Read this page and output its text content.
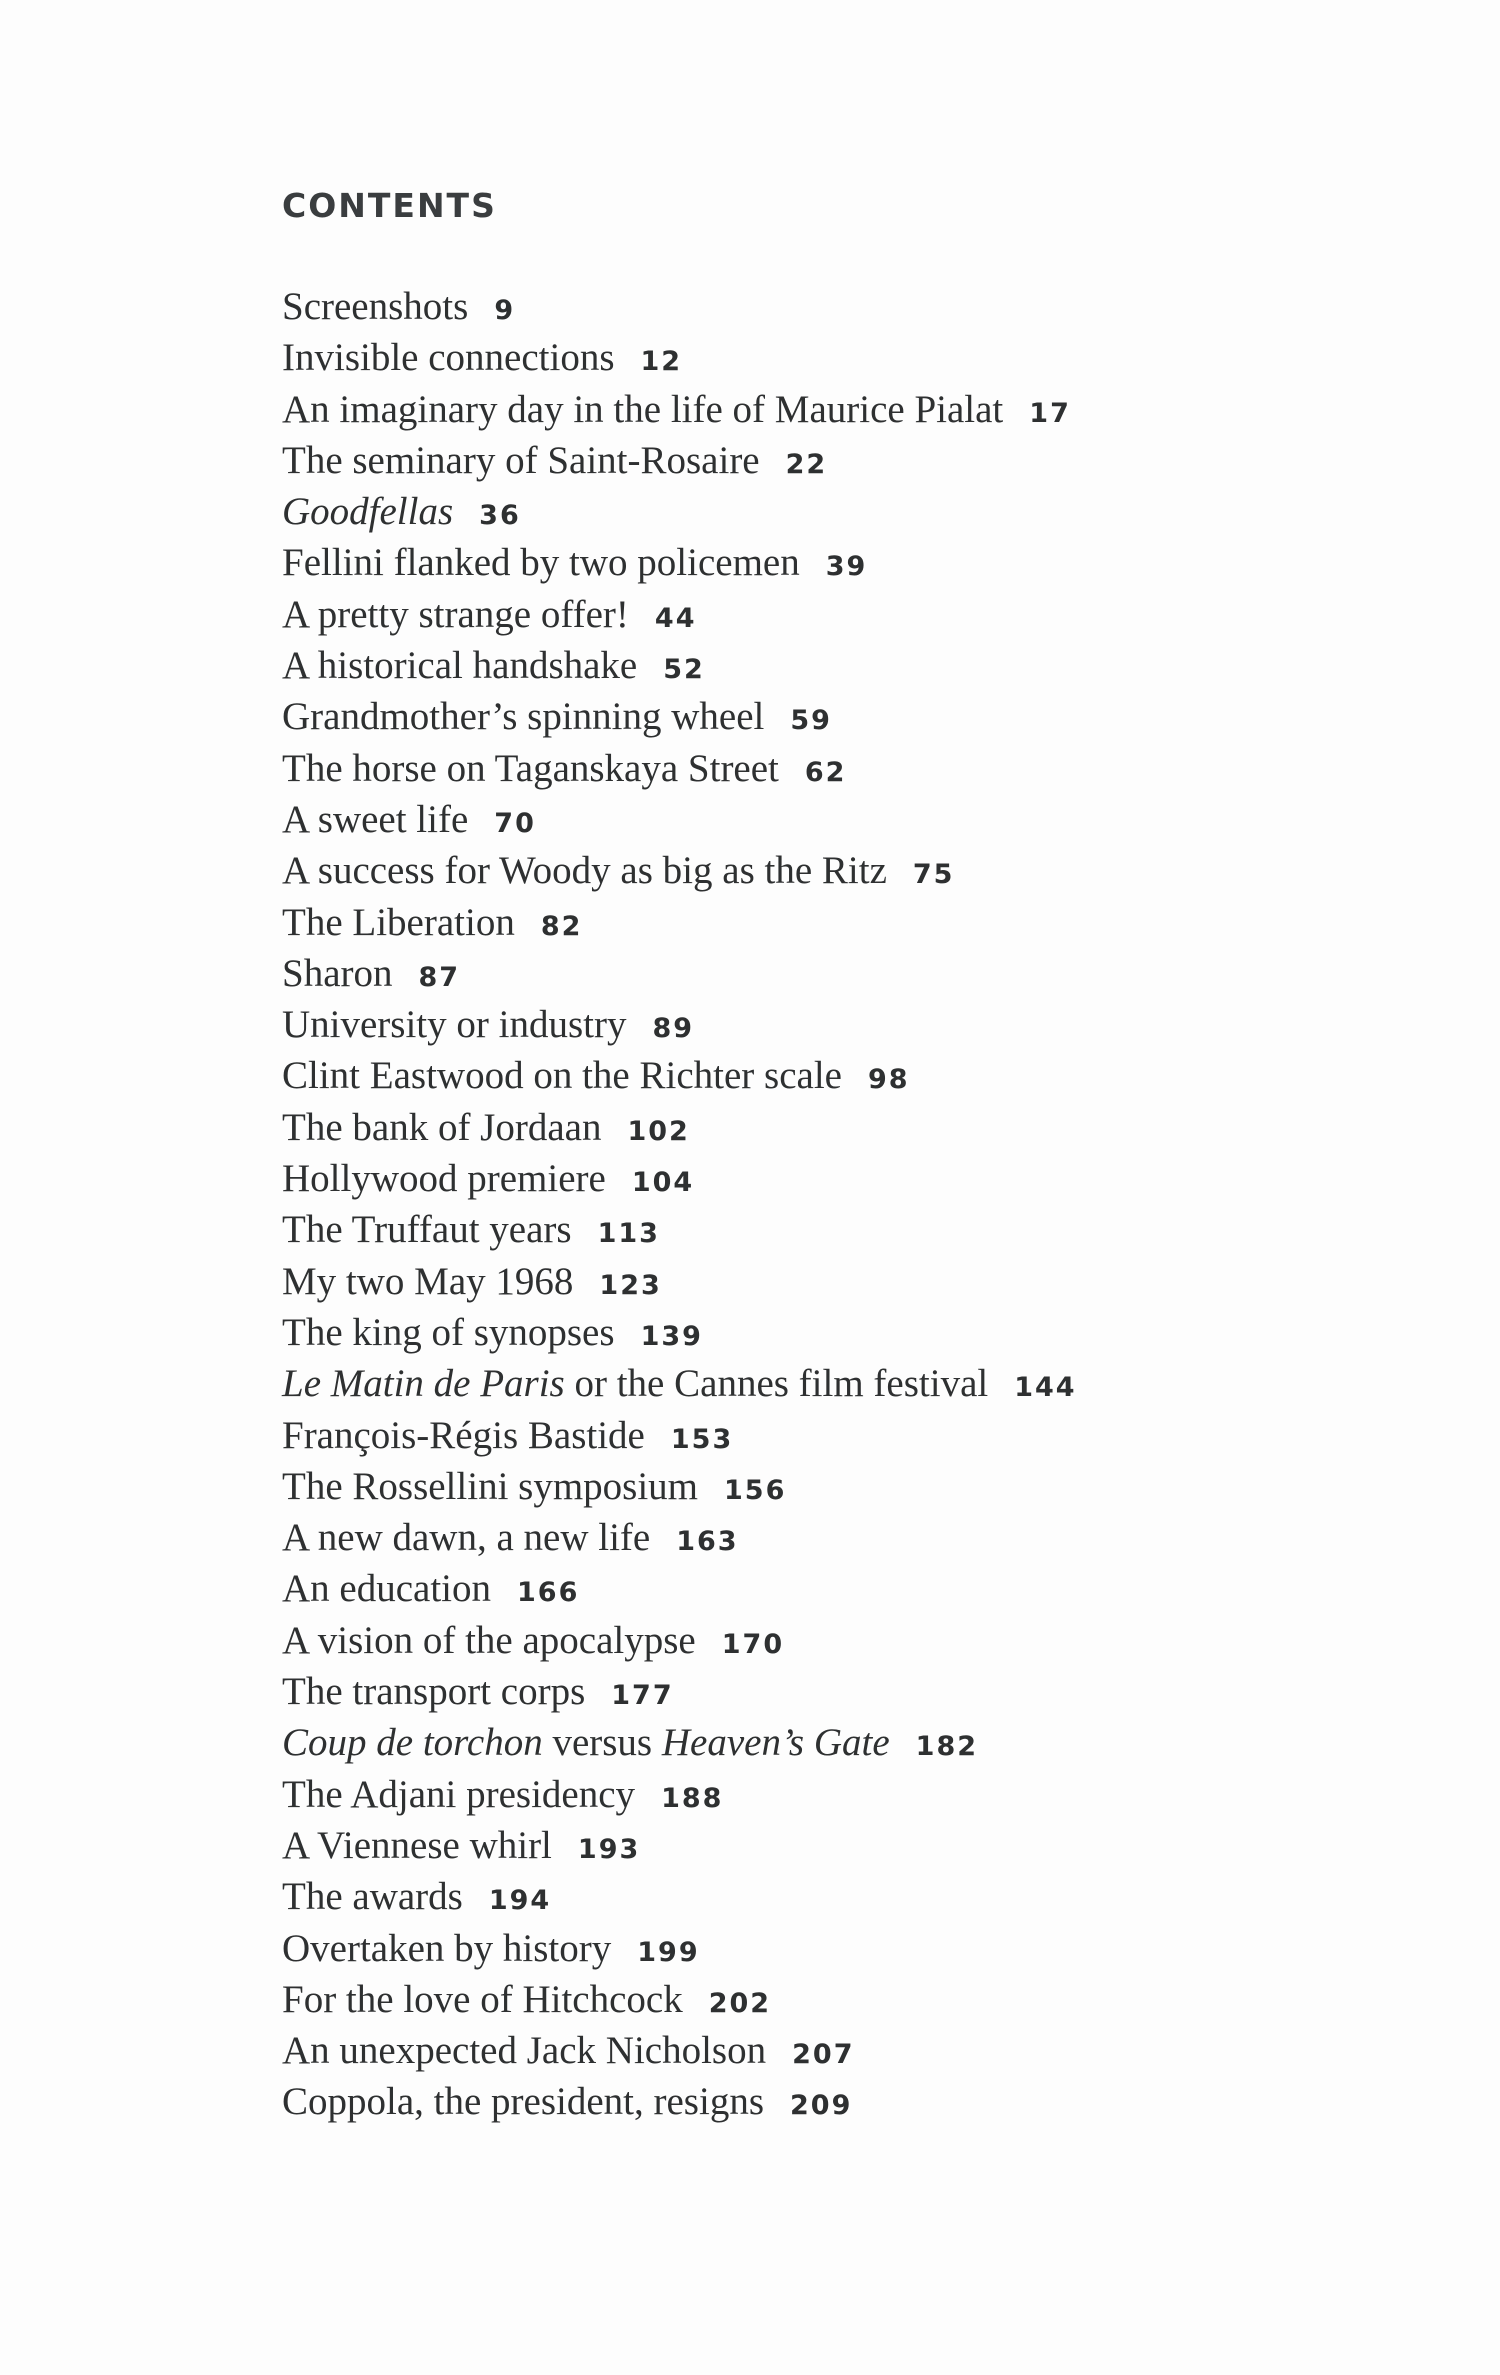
CONTENTS
Screenshots 9
Invisible connections 12
An imaginary day in the life of Maurice Pialat 17
The seminary of Saint-Rosaire 22
Goodfellas 36
Fellini flanked by two policemen 39
A pretty strange offer! 44
A historical handshake 52
Grandmother’s spinning wheel 59
The horse on Taganskaya Street 62
A sweet life 70
A success for Woody as big as the Ritz 75
The Liberation 82
Sharon 87
University or industry 89
Clint Eastwood on the Richter scale 98
The bank of Jordaan 102
Hollywood premiere 104
The Truffaut years 113
My two May 1968 123
The king of synopses 139
Le Matin de Paris or the Cannes film festival 144
François-Régis Bastide 153
The Rossellini symposium 156
A new dawn, a new life 163
An education 166
A vision of the apocalypse 170
The transport corps 177
Coup de torchon versus Heaven’s Gate 182
The Adjani presidency 188
A Viennese whirl 193
The awards 194
Overtaken by history 199
For the love of Hitchcock 202
An unexpected Jack Nicholson 207
Coppola, the president, resigns 209
